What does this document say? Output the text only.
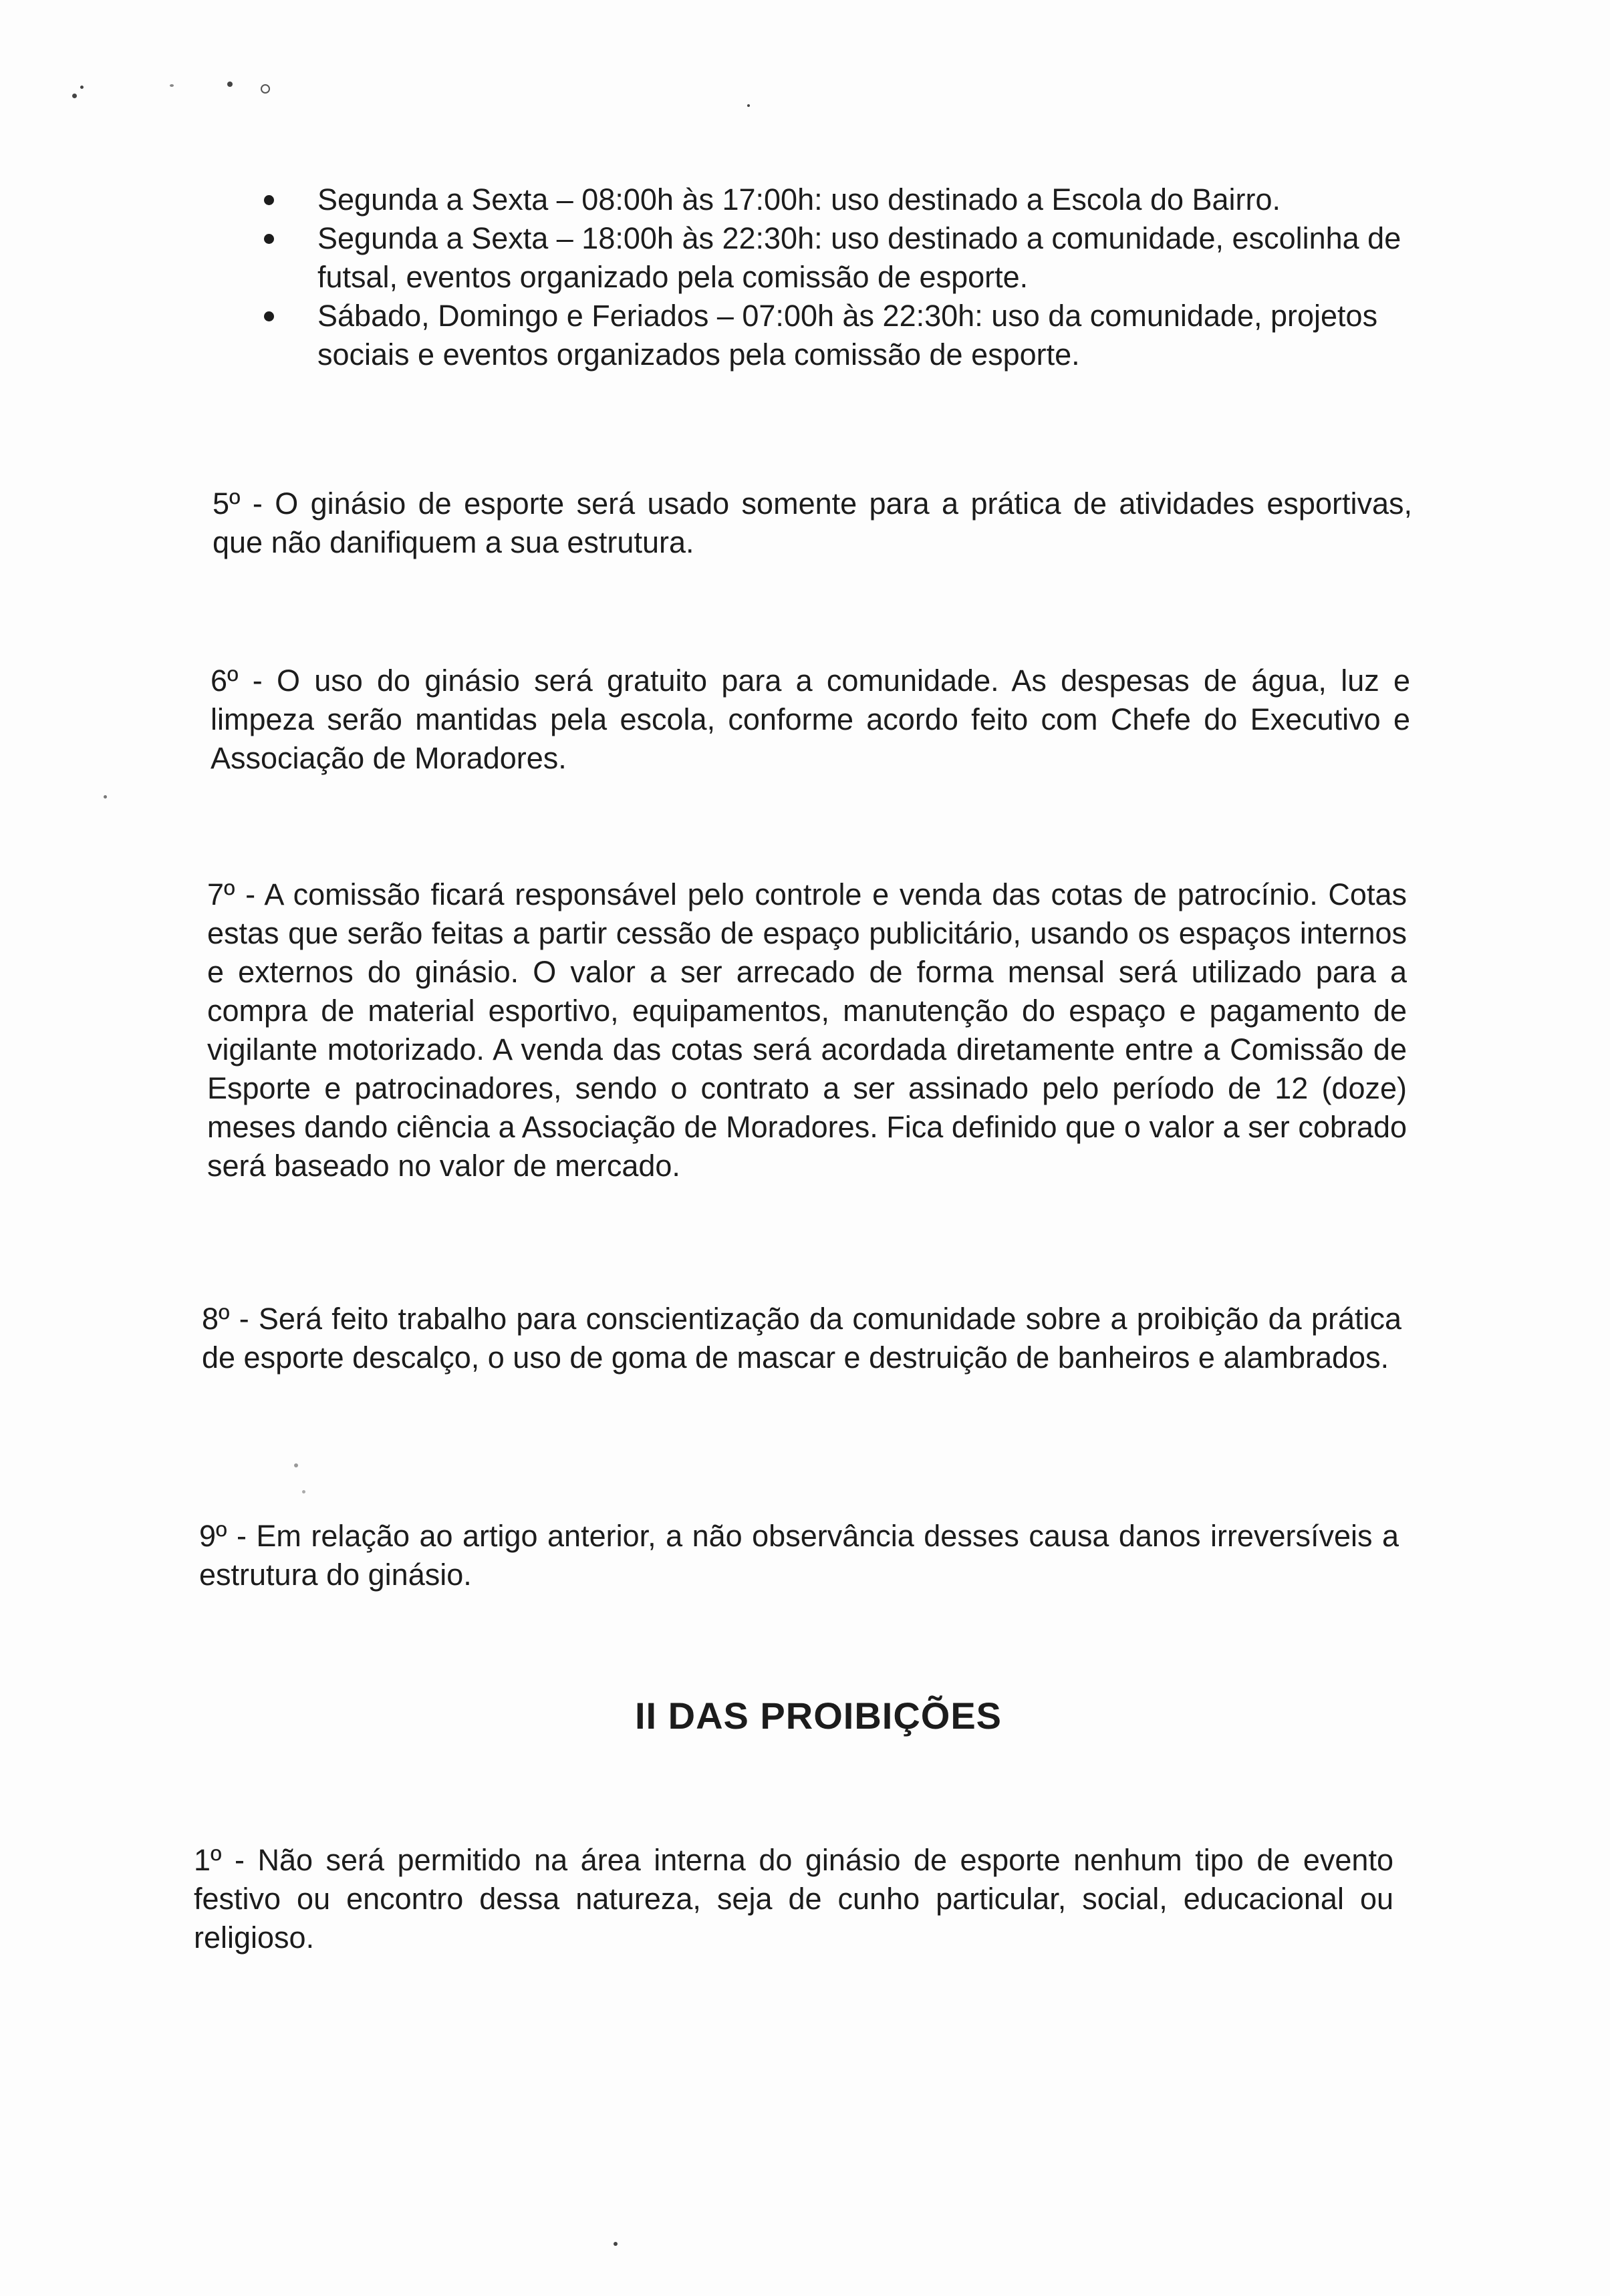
Segunda a Sexta – 08:00h às 17:00h: uso destinado a Escola do Bairro.
Segunda a Sexta – 18:00h às 22:30h: uso destinado a comunidade, escolinha de futsal, eventos organizado pela comissão de esporte.
Sábado, Domingo e Feriados – 07:00h às 22:30h: uso da comunidade, projetos sociais e eventos organizados pela comissão de esporte.

5º - O ginásio de esporte será usado somente para a prática de atividades esportivas, que não danifiquem a sua estrutura.

6º - O uso do ginásio será gratuito para a comunidade. As despesas de água, luz e limpeza serão mantidas pela escola, conforme acordo feito com Chefe do Executivo e Associação de Moradores.

7º - A comissão ficará responsável pelo controle e venda das cotas de patrocínio. Cotas estas que serão feitas a partir cessão de espaço publicitário, usando os espaços internos e externos do ginásio. O valor a ser arrecado de forma mensal será utilizado para a compra de material esportivo, equipamentos, manutenção do espaço e pagamento de vigilante motorizado. A venda das cotas será acordada diretamente entre a Comissão de Esporte e patrocinadores, sendo o contrato a ser assinado pelo período de 12 (doze) meses dando ciência a Associação de Moradores. Fica definido que o valor a ser cobrado será baseado no valor de mercado.

8º - Será feito trabalho para conscientização da comunidade sobre a proibição da prática de esporte descalço, o uso de goma de mascar e destruição de banheiros e alambrados.

9º - Em relação ao artigo anterior, a não observância desses causa danos irreversíveis a estrutura do ginásio.

II DAS PROIBIÇÕES

1º - Não será permitido na área interna do ginásio de esporte nenhum tipo de evento festivo ou encontro dessa natureza, seja de cunho particular, social, educacional ou religioso.
